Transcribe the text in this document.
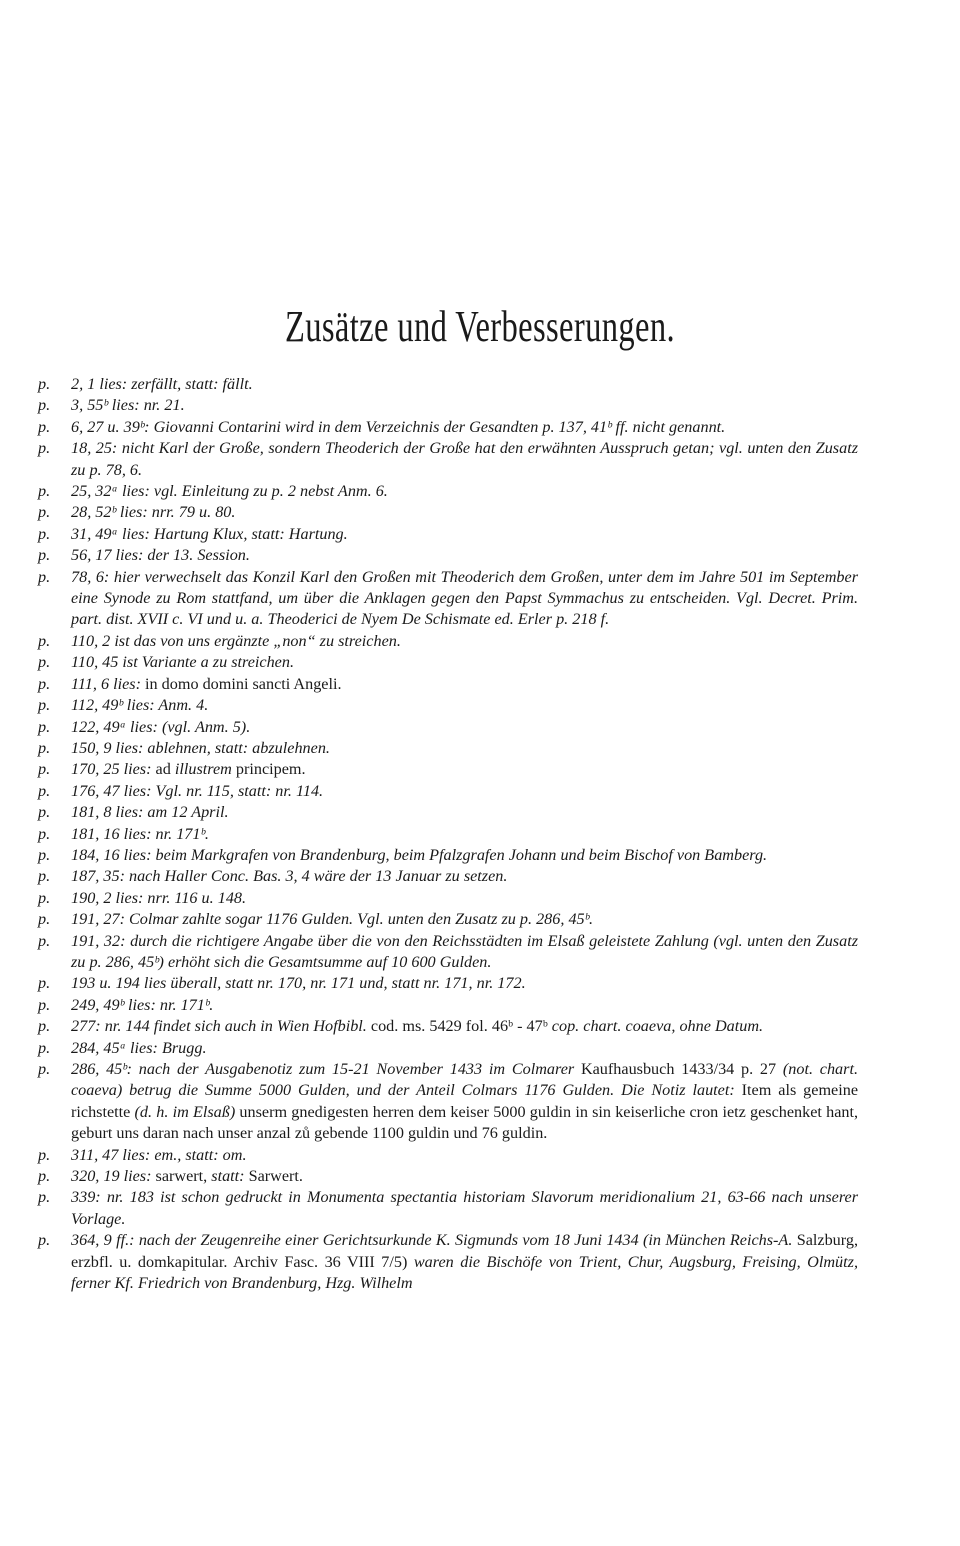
Zusätze und Verbesserungen.
p.	2, 1 lies: zerfällt, statt: fällt.
p.	3, 55ᵇ lies: nr. 21.
p.	6, 27 u. 39ᵇ: Giovanni Contarini wird in dem Verzeichnis der Gesandten p. 137, 41ᵇ ff. nicht genannt.
p.	18, 25: nicht Karl der Große, sondern Theoderich der Große hat den erwähnten Ausspruch getan; vgl. unten den Zusatz zu p. 78, 6.
p.	25, 32ᵃ lies: vgl. Einleitung zu p. 2 nebst Anm. 6.
p.	28, 52ᵇ lies: nrr. 79 u. 80.
p.	31, 49ᵃ lies: Hartung Klux, statt: Hartung.
p.	56, 17 lies: der 13. Session.
p.	78, 6: hier verwechselt das Konzil Karl den Großen mit Theoderich dem Großen, unter dem im Jahre 501 im September eine Synode zu Rom stattfand, um über die Anklagen gegen den Papst Symmachus zu entscheiden. Vgl. Decret. Prim. part. dist. XVII c. VI und u. a. Theoderici de Nyem De Schismate ed. Erler p. 218 f.
p.	110, 2 ist das von uns ergänzte „non“ zu streichen.
p.	110, 45 ist Variante a zu streichen.
p.	111, 6 lies: in domo domini sancti Angeli.
p.	112, 49ᵇ lies: Anm. 4.
p.	122, 49ᵃ lies: (vgl. Anm. 5).
p.	150, 9 lies: ablehnen, statt: abzulehnen.
p.	170, 25 lies: ad illustrem principem.
p.	176, 47 lies: Vgl. nr. 115, statt: nr. 114.
p.	181, 8 lies: am 12 April.
p.	181, 16 lies: nr. 171ᵇ.
p.	184, 16 lies: beim Markgrafen von Brandenburg, beim Pfalzgrafen Johann und beim Bischof von Bamberg.
p.	187, 35: nach Haller Conc. Bas. 3, 4 wäre der 13 Januar zu setzen.
p.	190, 2 lies: nrr. 116 u. 148.
p.	191, 27: Colmar zahlte sogar 1176 Gulden. Vgl. unten den Zusatz zu p. 286, 45ᵇ.
p.	191, 32: durch die richtigere Angabe über die von den Reichsstädten im Elsaß geleistete Zahlung (vgl. unten den Zusatz zu p. 286, 45ᵇ) erhöht sich die Gesamtsumme auf 10 600 Gulden.
p.	193 u. 194 lies überall, statt nr. 170, nr. 171 und, statt nr. 171, nr. 172.
p.	249, 49ᵇ lies: nr. 171ᵇ.
p.	277: nr. 144 findet sich auch in Wien Hofbibl. cod. ms. 5429 fol. 46ᵇ - 47ᵇ cop. chart. coaeva, ohne Datum.
p.	284, 45ᵃ lies: Brugg.
p.	286, 45ᵇ: nach der Ausgabenotiz zum 15-21 November 1433 im Colmarer Kaufhausbuch 1433/34 p. 27 (not. chart. coaeva) betrug die Summe 5000 Gulden, und der Anteil Colmars 1176 Gulden. Die Notiz lautet: Item als gemeine richstette (d. h. im Elsaß) unserm gnedigesten herren dem keiser 5000 guldin in sin keiserliche cron ietz geschenket hant, geburt uns daran nach unser anzal zů gebende 1100 guldin und 76 guldin.
p.	311, 47 lies: em., statt: om.
p.	320, 19 lies: sarwert, statt: Sarwert.
p.	339: nr. 183 ist schon gedruckt in Monumenta spectantia historiam Slavorum meridionalium 21, 63-66 nach unserer Vorlage.
p.	364, 9 ff.: nach der Zeugenreihe einer Gerichtsurkunde K. Sigmunds vom 18 Juni 1434 (in München Reichs-A. Salzburg, erzbfl. u. domkapitular. Archiv Fasc. 36 VIII 7/5) waren die Bischöfe von Trient, Chur, Augsburg, Freising, Olmütz, ferner Kf. Friedrich von Brandenburg, Hzg. Wilhelm
